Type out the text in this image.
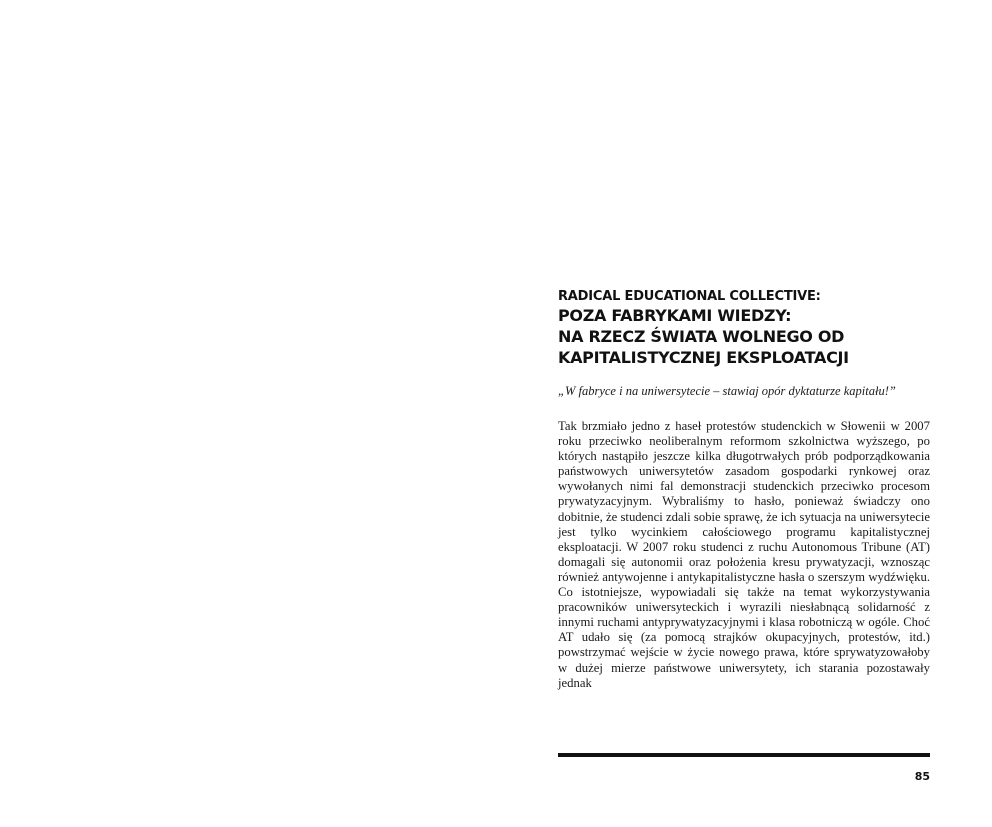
RADICAL EDUCATIONAL COLLECTIVE:

POZA FABRYKAMI WIEDZY:
NA RZECZ ŚWIATA WOLNEGO OD
KAPITALISTYCZNEJ EKSPLOATACJI

„W fabryce i na uniwersytecie – stawiaj opór dyktaturze kapitału!”

Tak brzmiało jedno z haseł protestów studenckich w Słowenii w 2007 roku przeciwko neoliberalnym reformom szkolnictwa wyższego, po których nastąpiło jeszcze kilka długotrwałych prób podporządkowania państwowych uniwersytetów zasadom gospodarki rynkowej oraz wywołanych nimi fal demonstracji studenckich przeciwko procesom prywatyzacyjnym. Wybraliśmy to hasło, ponieważ świadczy ono dobitnie, że studenci zdali sobie sprawę, że ich sytuacja na uniwersytecie jest tylko wycinkiem całościowego programu kapitalistycznej eksploatacji. W 2007 roku studenci z ruchu Autonomous Tribune (AT) domagali się autonomii oraz położenia kresu prywatyzacji, wznosząc również antywojenne i antykapitalistyczne hasła o szerszym wydźwięku. Co istotniejsze, wypowiadali się także na temat wykorzystywania pracowników uniwersyteckich i wyrazili niesłabnącą solidarność z innymi ruchami antyprywatyzacyjnymi i klasa robotniczą w ogóle. Choć AT udało się (za pomocą strajków okupacyjnych, protestów, itd.) powstrzymać wejście w życie nowego prawa, które sprywatyzowałoby w dużej mierze państwowe uniwersytety, ich starania pozostawały jednak

85
